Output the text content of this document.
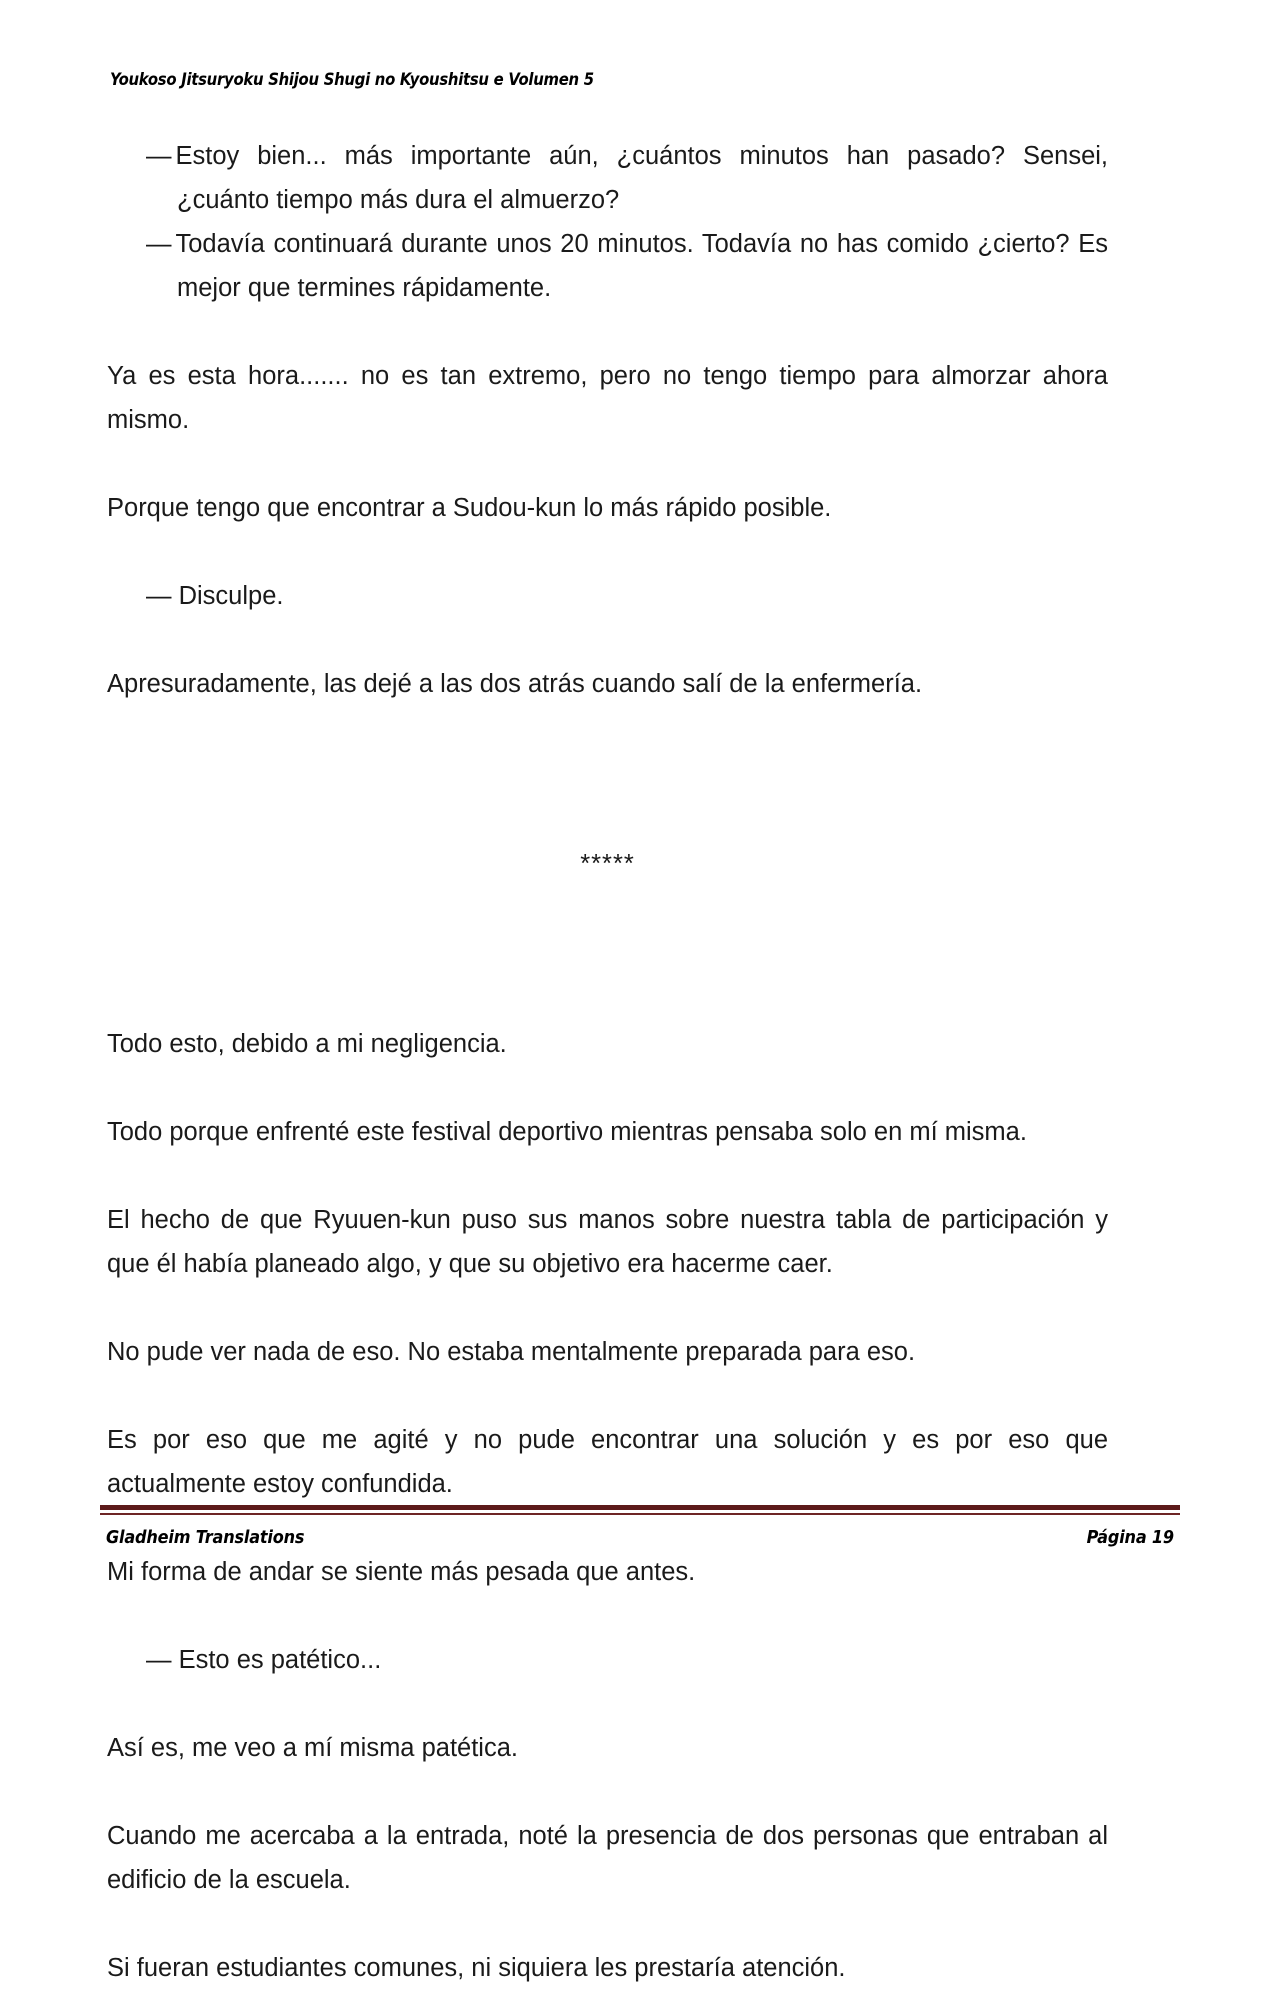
Youkoso Jitsuryoku Shijou Shugi no Kyoushitsu e Volumen 5
—Estoy bien... más importante aún, ¿cuántos minutos han pasado? Sensei, ¿cuánto tiempo más dura el almuerzo?
—Todavía continuará durante unos 20 minutos. Todavía no has comido ¿cierto? Es mejor que termines rápidamente.

Ya es esta hora....... no es tan extremo, pero no tengo tiempo para almorzar ahora mismo.

Porque tengo que encontrar a Sudou-kun lo más rápido posible.

— Disculpe.

Apresuradamente, las dejé a las dos atrás cuando salí de la enfermería.

*****

Todo esto, debido a mi negligencia.

Todo porque enfrenté este festival deportivo mientras pensaba solo en mí misma.

El hecho de que Ryuuen-kun puso sus manos sobre nuestra tabla de participación y que él había planeado algo, y que su objetivo era hacerme caer.

No pude ver nada de eso. No estaba mentalmente preparada para eso.

Es por eso que me agité y no pude encontrar una solución y es por eso que actualmente estoy confundida.

Mi forma de andar se siente más pesada que antes.

— Esto es patético...

Así es, me veo a mí misma patética.

Cuando me acercaba a la entrada, noté la presencia de dos personas que entraban al edificio de la escuela.

Si fueran estudiantes comunes, ni siquiera les prestaría atención.

Gladheim Translations	Página 19
